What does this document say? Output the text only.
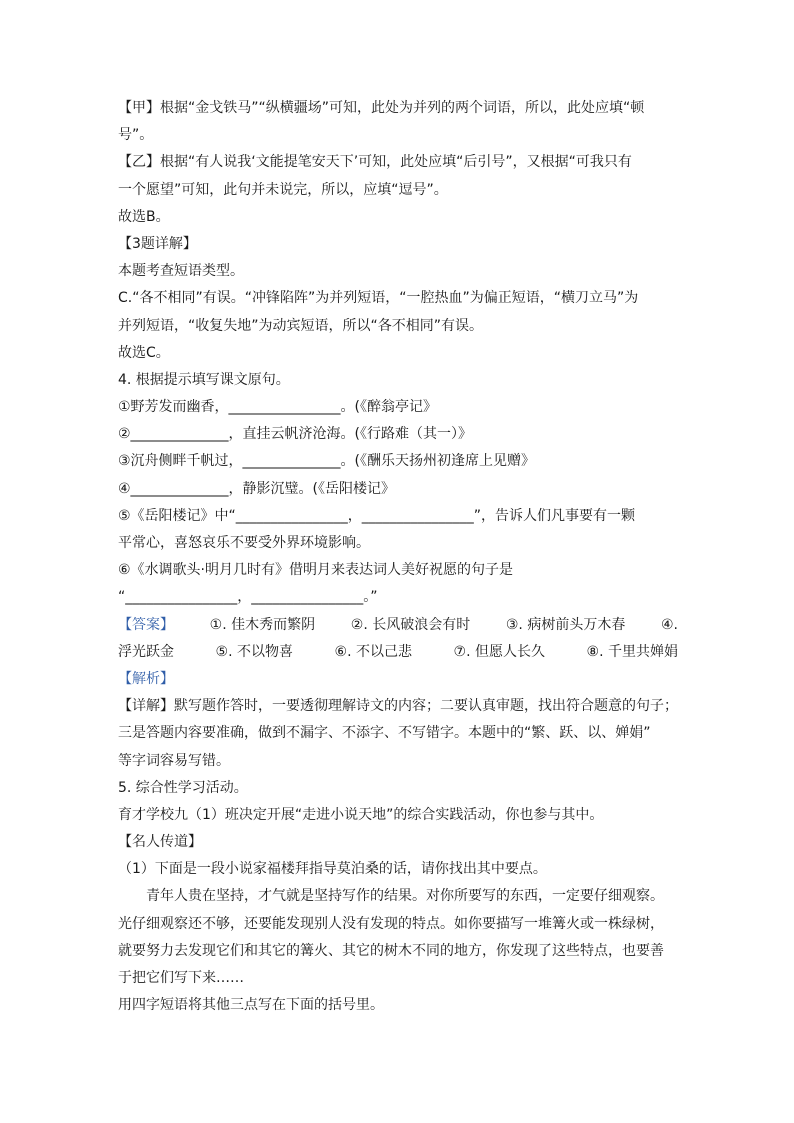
【甲】根据“金戈铁马”“纵横疆场”可知，此处为并列的两个词语，所以，此处应填“顿
号”。
【乙】根据“有人说我‘文能提笔安天下’可知，此处应填“后引号”，又根据“可我只有
一个愿望”可知，此句并未说完，所以，应填“逗号”。
故选B。
【3题详解】
本题考查短语类型。
C.“各不相同”有误。“冲锋陷阵”为并列短语，“一腔热血”为偏正短语，“横刀立马”为
并列短语，“收复失地”为动宾短语，所以“各不相同”有误。
故选C。
4. 根据提示填写课文原句。
①野芳发而幽香，________________。(《醉翁亭记》
②______________，直挂云帆济沧海。(《行路难（其一）》
③沉舟侧畔千帆过，______________。(《酬乐天扬州初逢席上见赠》
④______________，静影沉璧。(《岳阳楼记》
⑤《岳阳楼记》中“________________，________________”，告诉人们凡事要有一颗
平常心，喜怒哀乐不要受外界环境影响。
⑥《水调歌头·明月几时有》借明月来表达词人美好祝愿的句子是
“________________，________________。”
【答案】	①. 佳木秀而繁阴	②. 长风破浪会有时	③. 病树前头万木春	④.
浮光跃金	⑤. 不以物喜	⑥. 不以己悲	⑦. 但愿人长久	⑧. 千里共婵娟
【解析】
【详解】默写题作答时，一要透彻理解诗文的内容；二要认真审题，找出符合题意的句子；
三是答题内容要准确，做到不漏字、不添字、不写错字。本题中的“繁、跃、以、婵娟”
等字词容易写错。
5. 综合性学习活动。
育才学校九（1）班决定开展“走进小说天地”的综合实践活动，你也参与其中。
【名人传道】
（1）下面是一段小说家福楼拜指导莫泊桑的话，请你找出其中要点。
青年人贵在坚持，才气就是坚持写作的结果。对你所要写的东西，一定要仔细观察。
光仔细观察还不够，还要能发现别人没有发现的特点。如你要描写一堆篝火或一株绿树，
就要努力去发现它们和其它的篝火、其它的树木不同的地方，你发现了这些特点，也要善
于把它们写下来……
用四字短语将其他三点写在下面的括号里。
